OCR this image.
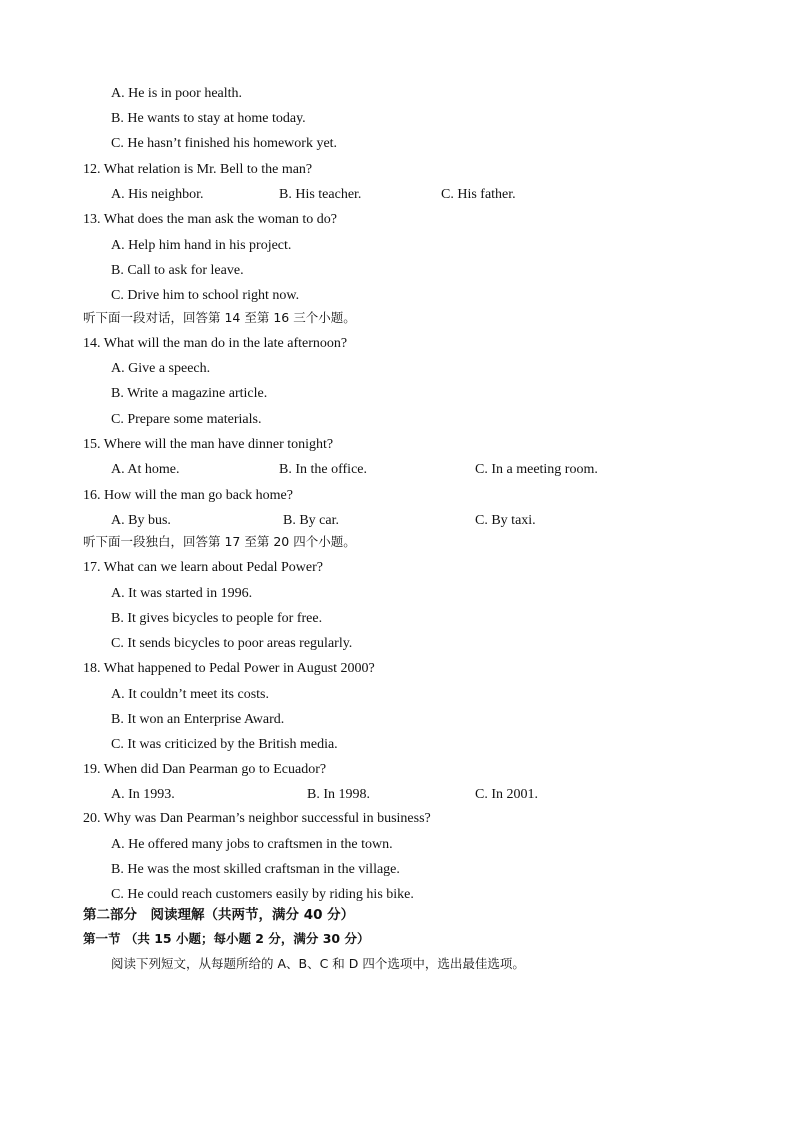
A. He is in poor health.
B. He wants to stay at home today.
C. He hasn’t finished his homework yet.
12. What relation is Mr. Bell to the man?
A. His neighbor.	B. His teacher.	C. His father.
13. What does the man ask the woman to do?
A. Help him hand in his project.
B. Call to ask for leave.
C. Drive him to school right now.
听下面一段对话，回答第 14 至第 16 三个小题。
14. What will the man do in the late afternoon?
A. Give a speech.
B. Write a magazine article.
C. Prepare some materials.
15. Where will the man have dinner tonight?
A. At home.	B. In the office.	C. In a meeting room.
16. How will the man go back home?
A. By bus.	B. By car.	C. By taxi.
听下面一段独白，回答第 17 至第 20 四个小题。
17. What can we learn about Pedal Power?
A. It was started in 1996.
B. It gives bicycles to people for free.
C. It sends bicycles to poor areas regularly.
18. What happened to Pedal Power in August 2000?
A. It couldn’t meet its costs.
B. It won an Enterprise Award.
C. It was criticized by the British media.
19. When did Dan Pearman go to Ecuador?
A. In 1993.	B. In 1998.	C. In 2001.
20. Why was Dan Pearman’s neighbor successful in business?
A. He offered many jobs to craftsmen in the town.
B. He was the most skilled craftsman in the village.
C. He could reach customers easily by riding his bike.
第二部分　阅读理解（共两节，满分 40 分）
第一节 （共 15 小题；每小题 2 分，满分 30 分）
阅读下列短文，从每题所给的 A、B、C 和 D 四个选项中，选出最佳选项。
